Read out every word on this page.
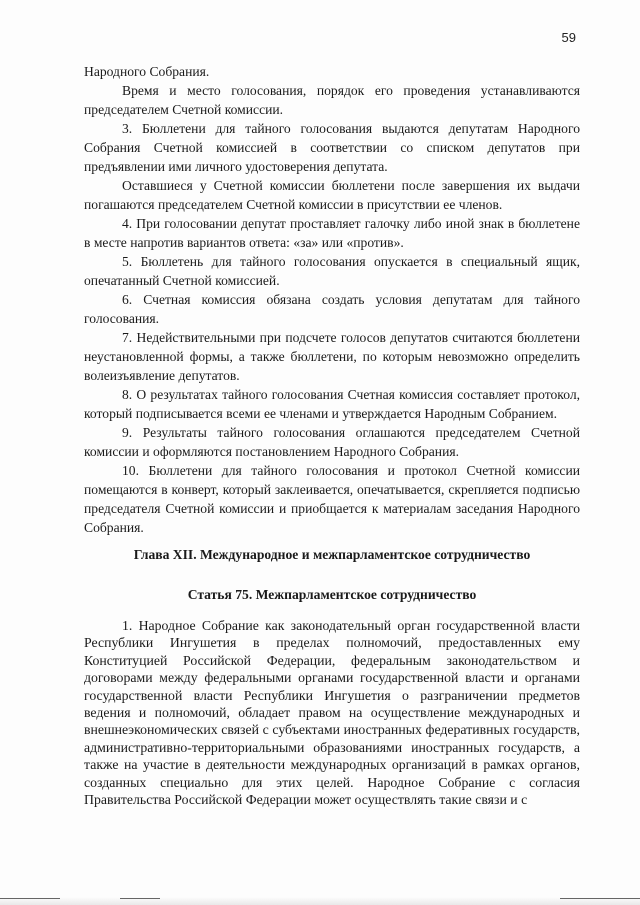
59

Народного Собрания.

Время и место голосования, порядок его проведения устанавливаются председателем Счетной комиссии.

3. Бюллетени для тайного голосования выдаются депутатам Народного Собрания Счетной комиссией в соответствии со списком депутатов при предъявлении ими личного удостоверения депутата.

Оставшиеся у Счетной комиссии бюллетени после завершения их выдачи погашаются председателем Счетной комиссии в присутствии ее членов.

4. При голосовании депутат проставляет галочку либо иной знак в бюллетене в месте напротив вариантов ответа: «за» или «против».

5. Бюллетень для тайного голосования опускается в специальный ящик, опечатанный Счетной комиссией.

6. Счетная комиссия обязана создать условия депутатам для тайного голосования.

7. Недействительными при подсчете голосов депутатов считаются бюллетени неустановленной формы, а также бюллетени, по которым невозможно определить волеизъявление депутатов.

8. О результатах тайного голосования Счетная комиссия составляет протокол, который подписывается всеми ее членами и утверждается Народным Собранием.

9. Результаты тайного голосования оглашаются председателем Счетной комиссии и оформляются постановлением Народного Собрания.

10. Бюллетени для тайного голосования и протокол Счетной комиссии помещаются в конверт, который заклеивается, опечатывается, скрепляется подписью председателя Счетной комиссии и приобщается к материалам заседания Народного Собрания.

Глава XII. Международное и межпарламентское сотрудничество
Статья 75. Межпарламентское сотрудничество

1. Народное Собрание как законодательный орган государственной власти Республики Ингушетия в пределах полномочий, предоставленных ему Конституцией Российской Федерации, федеральным законодательством и договорами между федеральными органами государственной власти и органами государственной власти Республики Ингушетия о разграничении предметов ведения и полномочий, обладает правом на осуществление международных и внешнеэкономических связей с субъектами иностранных федеративных государств, административно-территориальными образованиями иностранных государств, а также на участие в деятельности международных организаций в рамках органов, созданных специально для этих целей. Народное Собрание с согласия Правительства Российской Федерации может осуществлять такие связи и с
